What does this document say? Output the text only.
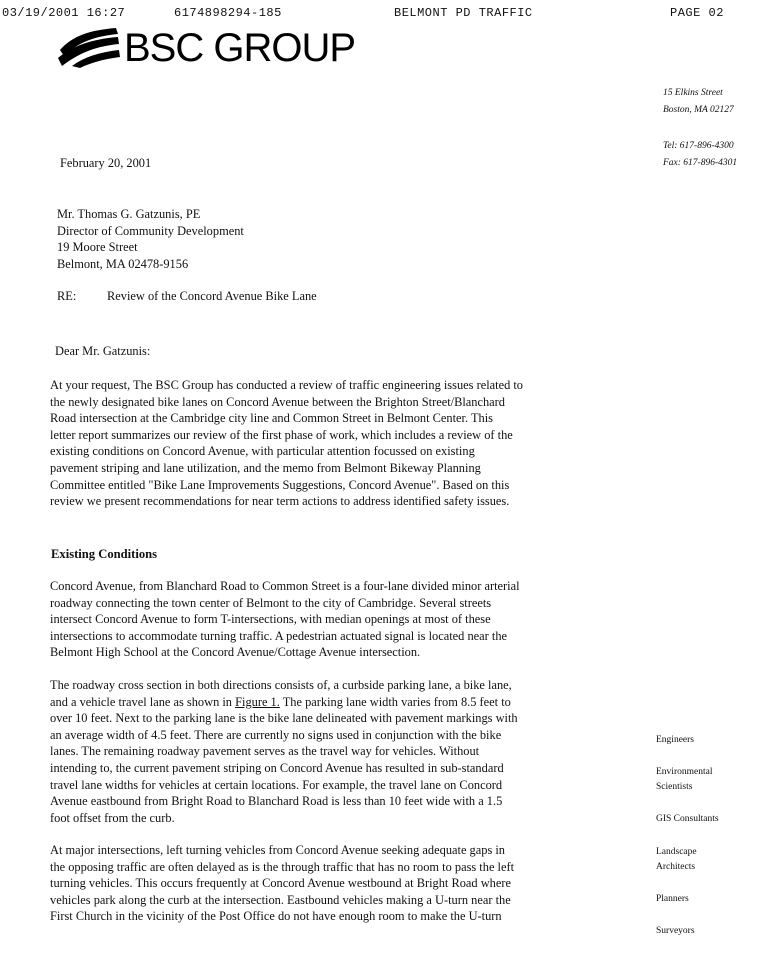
03/19/2001 16:27	6174898294-185	BELMONT PD TRAFFIC	PAGE 02
BSC GROUP
15 Elkins Street
Boston, MA 02127
Tel: 617-896-4300
Fax: 617-896-4301
February 20, 2001
Mr. Thomas G. Gatzunis, PE
Director of Community Development
19 Moore Street
Belmont, MA 02478-9156
RE: Review of the Concord Avenue Bike Lane
Dear Mr. Gatzunis:
At your request, The BSC Group has conducted a review of traffic engineering issues related to
the newly designated bike lanes on Concord Avenue between the Brighton Street/Blanchard
Road intersection at the Cambridge city line and Common Street in Belmont Center. This
letter report summarizes our review of the first phase of work, which includes a review of the
existing conditions on Concord Avenue, with particular attention focussed on existing
pavement striping and lane utilization, and the memo from Belmont Bikeway Planning
Committee entitled "Bike Lane Improvements Suggestions, Concord Avenue". Based on this
review we present recommendations for near term actions to address identified safety issues.
Existing Conditions
Concord Avenue, from Blanchard Road to Common Street is a four-lane divided minor arterial
roadway connecting the town center of Belmont to the city of Cambridge. Several streets
intersect Concord Avenue to form T-intersections, with median openings at most of these
intersections to accommodate turning traffic. A pedestrian actuated signal is located near the
Belmont High School at the Concord Avenue/Cottage Avenue intersection.
The roadway cross section in both directions consists of, a curbside parking lane, a bike lane,
and a vehicle travel lane as shown in Figure 1. The parking lane width varies from 8.5 feet to
over 10 feet. Next to the parking lane is the bike lane delineated with pavement markings with
an average width of 4.5 feet. There are currently no signs used in conjunction with the bike
lanes. The remaining roadway pavement serves as the travel way for vehicles. Without
intending to, the current pavement striping on Concord Avenue has resulted in sub-standard
travel lane widths for vehicles at certain locations. For example, the travel lane on Concord
Avenue eastbound from Bright Road to Blanchard Road is less than 10 feet wide with a 1.5
foot offset from the curb.
At major intersections, left turning vehicles from Concord Avenue seeking adequate gaps in
the opposing traffic are often delayed as is the through traffic that has no room to pass the left
turning vehicles. This occurs frequently at Concord Avenue westbound at Bright Road where
vehicles park along the curb at the intersection. Eastbound vehicles making a U-turn near the
First Church in the vicinity of the Post Office do not have enough room to make the U-turn
Engineers
Environmental
Scientists
GIS Consultants
Landscape
Architects
Planners
Surveyors
